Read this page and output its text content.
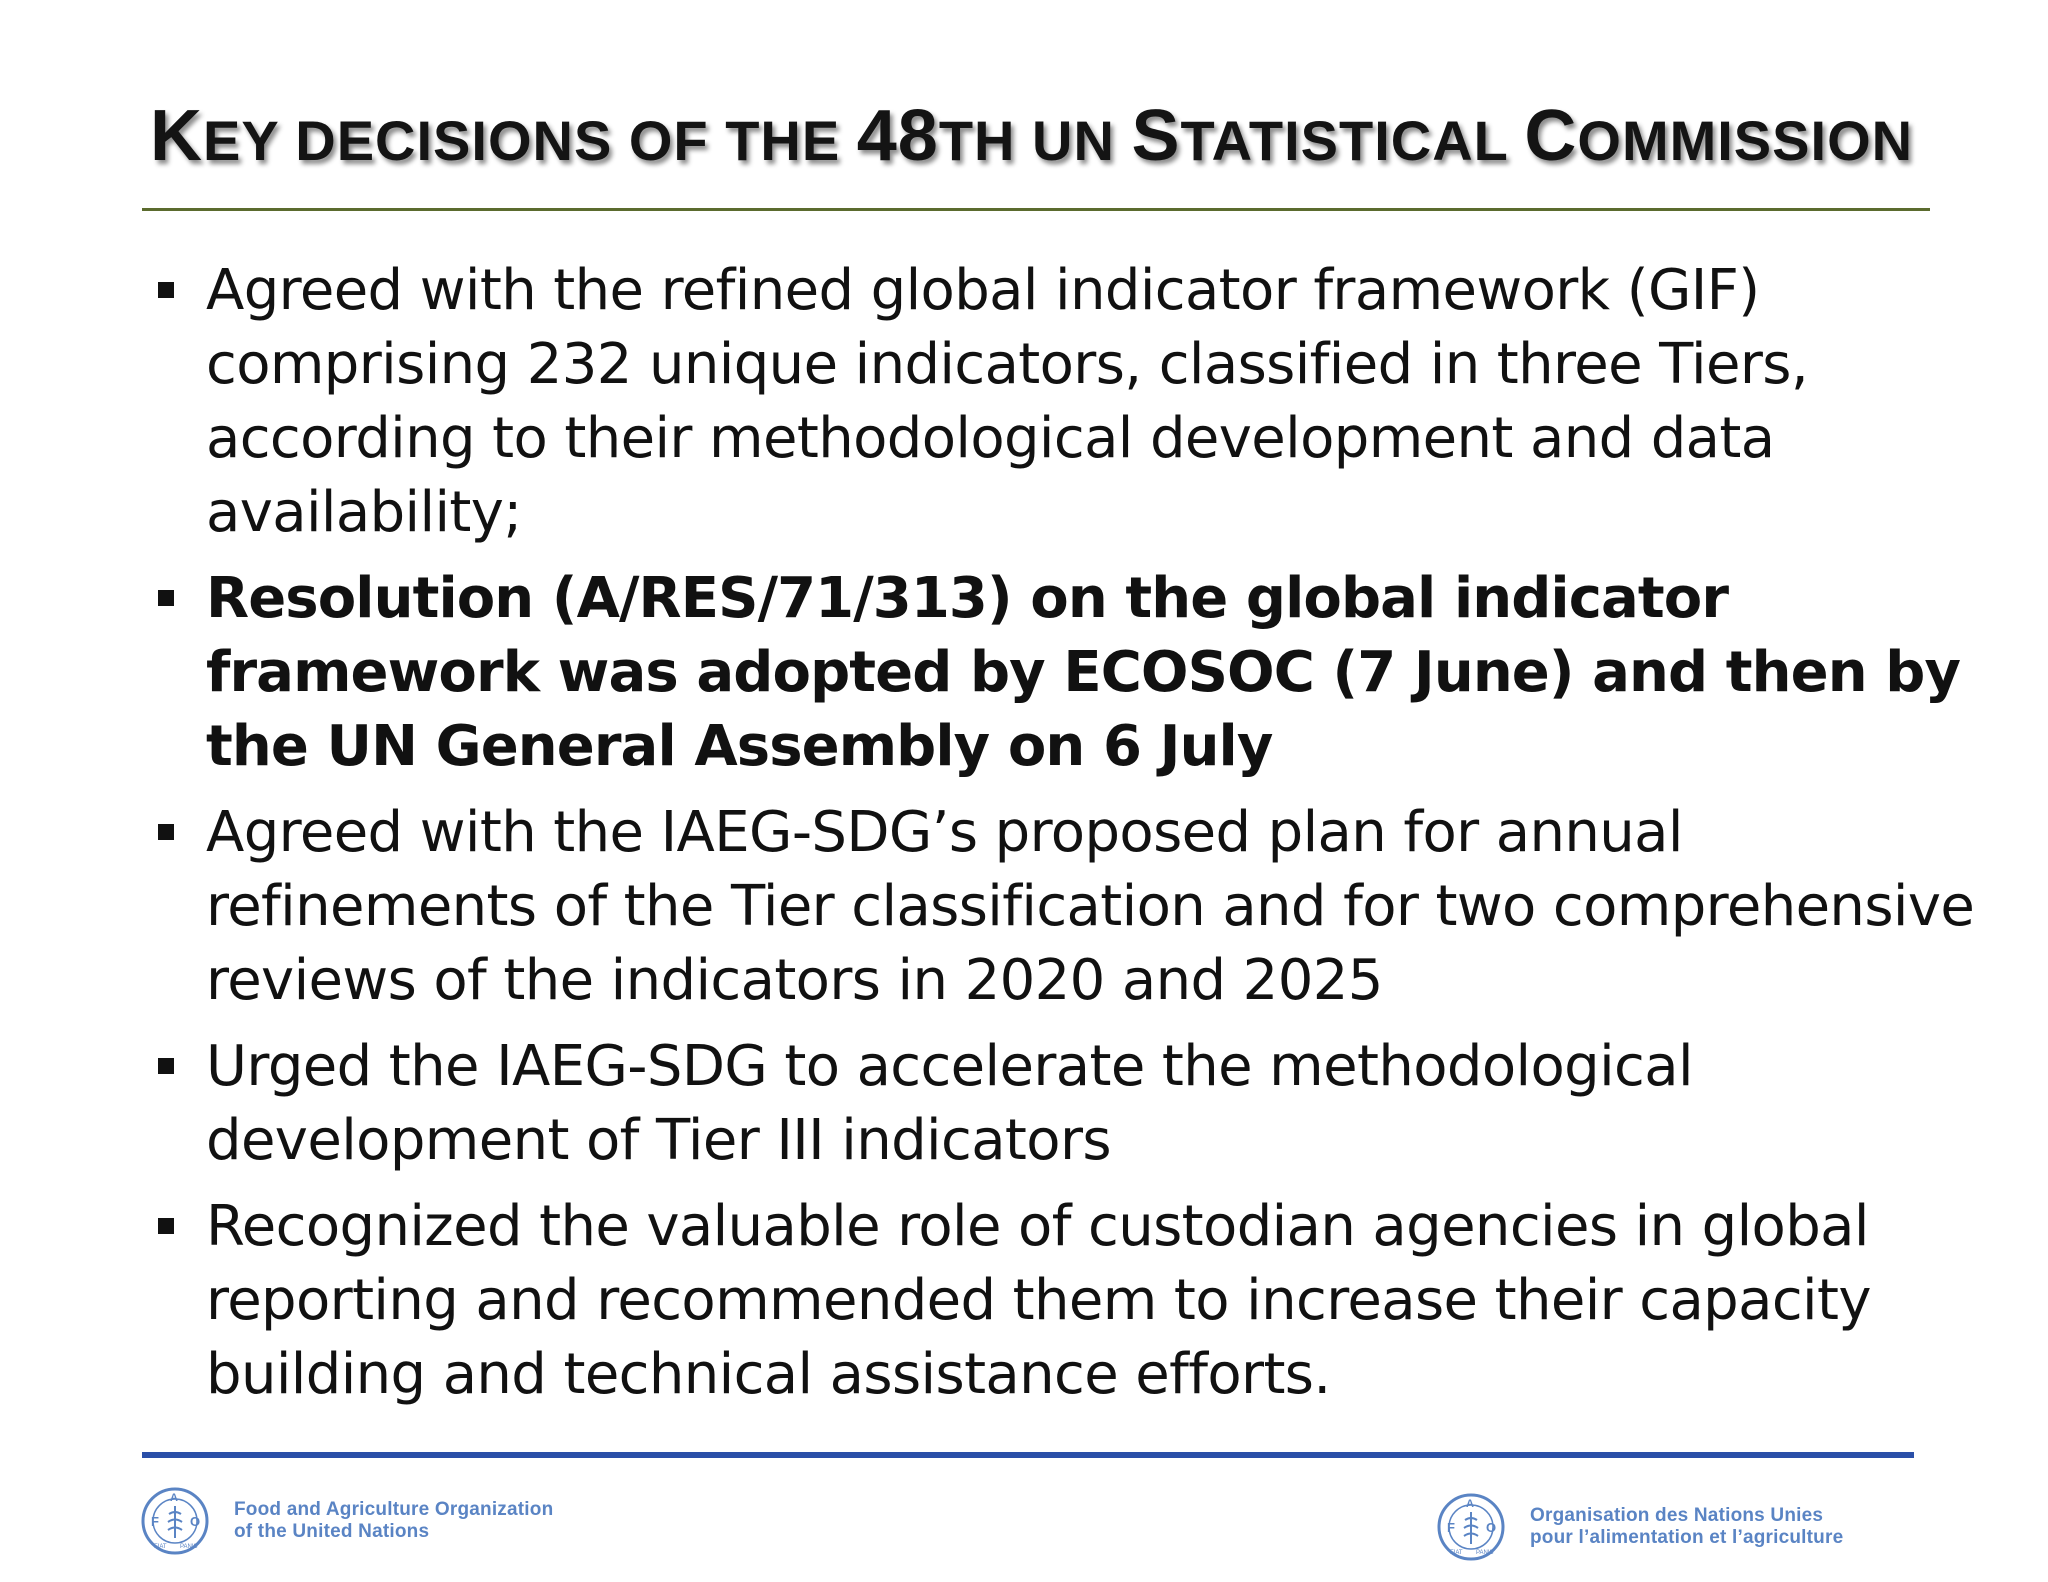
KEY DECISIONS OF THE 48TH UN STATISTICAL COMMISSION
Agreed with the refined global indicator framework (GIF) comprising 232 unique indicators, classified in three Tiers, according to their methodological development and data availability;
Resolution (A/RES/71/313) on the global indicator framework was adopted by ECOSOC (7 June) and then by the UN General Assembly on 6 July
Agreed with the IAEG-SDG’s proposed plan for annual refinements of the Tier classification and for two comprehensive reviews of the indicators in 2020 and 2025
Urged the IAEG-SDG to accelerate the methodological development of Tier III indicators
Recognized the valuable role of custodian agencies in global reporting and recommended them to increase their capacity building and technical assistance efforts.
F
A
O
FIAT PANIS
Food and Agriculture Organization
of the United Nations	F
A
O
FIAT PANIS
Organisation des Nations Unies
pour l’alimentation et l’agriculture
